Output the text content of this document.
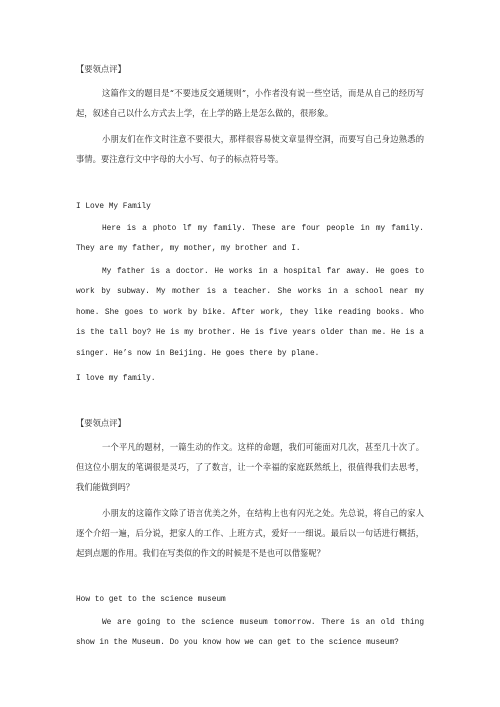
【要领点评】

这篇作文的题目是“不要违反交通规则”，小作者没有说一些空话，而是从自己的经历写起，叙述自己以什么方式去上学，在上学的路上是怎么做的，很形象。

小朋友们在作文时注意不要很大，那样很容易使文章显得空洞，而要写自己身边熟悉的事情。要注意行文中字母的大小写、句子的标点符号等。

I Love My Family

Here is a photo lf my family. These are four people in my family. They are my father, my mother, my brother and I.

My father is a doctor. He works in a hospital far away. He goes to work by subway. My mother is a teacher. She works in a school near my home. She goes to work by bike. After work, they like reading books. Who is the tall boy? He is my brother. He is five years older than me. He is a singer. He’s now in Beijing. He goes there by plane.

I love my family.

【要领点评】

一个平凡的题材，一篇生动的作文。这样的命题，我们可能面对几次，甚至几十次了。但这位小朋友的笔调很是灵巧，了了数言，让一个幸福的家庭跃然纸上，很值得我们去思考，我们能做到吗？

小朋友的这篇作文除了语言优美之外，在结构上也有闪光之处。先总说，将自己的家人逐个介绍一遍，后分说，把家人的工作、上班方式，爱好一一细说。最后以一句话进行概括，起到点题的作用。我们在写类似的作文的时候是不是也可以借鉴呢？

How to get to the science museum

We are going to the science museum tomorrow. There is an old thing show in the Museum. Do you know how we can get to the science museum?
